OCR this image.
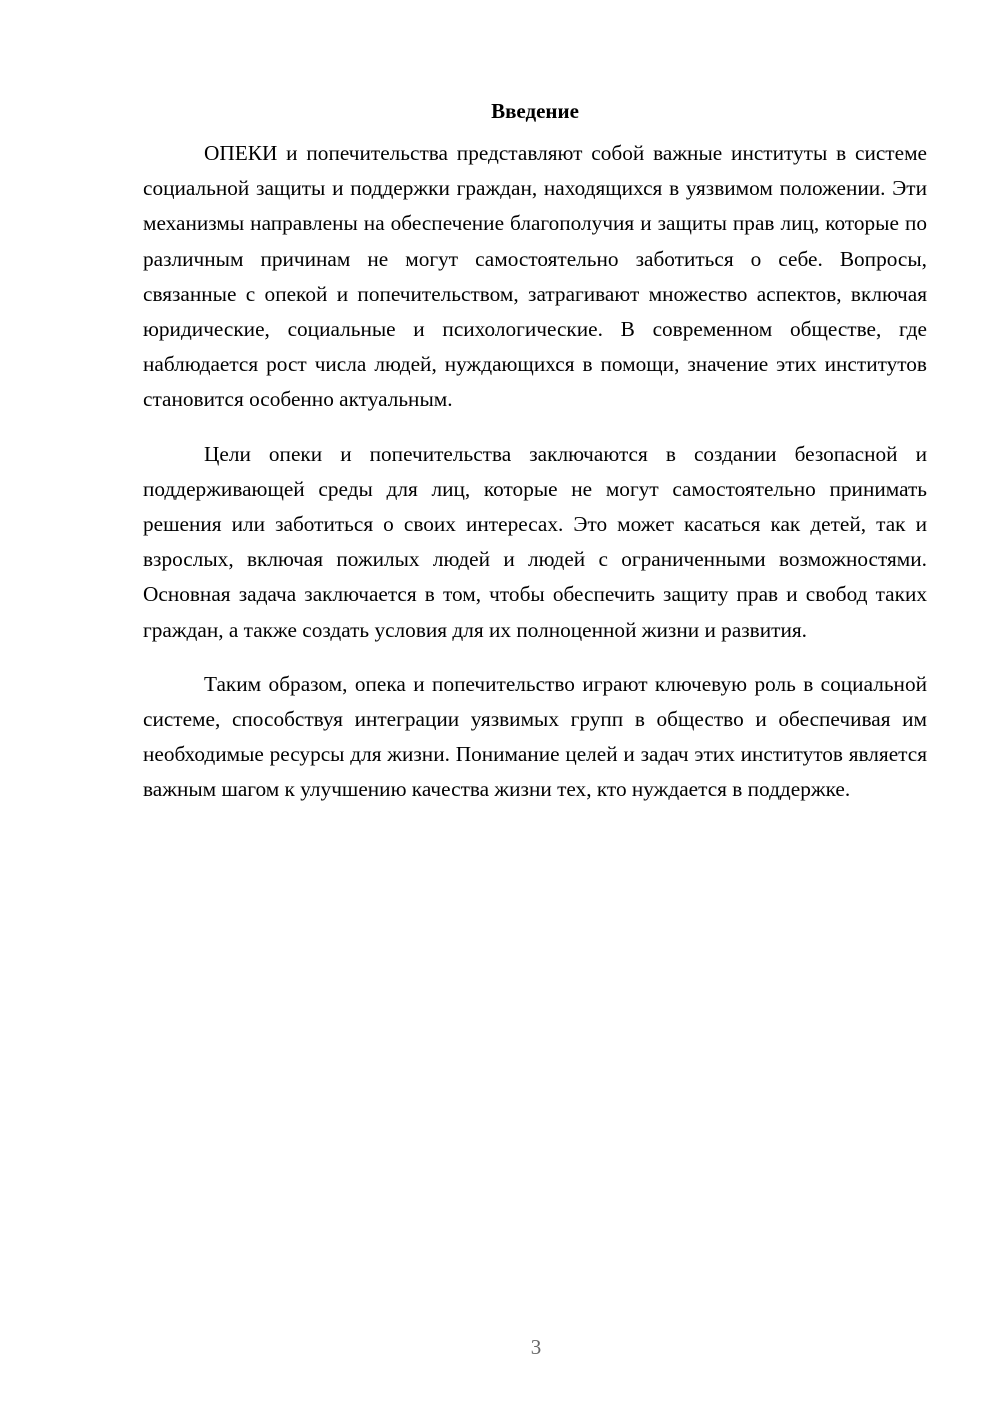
Введение

ОПЕКИ и попечительства представляют собой важные институты в системе социальной защиты и поддержки граждан, находящихся в уязвимом положении. Эти механизмы направлены на обеспечение благополучия и защиты прав лиц, которые по различным причинам не могут самостоятельно заботиться о себе. Вопросы, связанные с опекой и попечительством, затрагивают множество аспектов, включая юридические, социальные и психологические. В современном обществе, где наблюдается рост числа людей, нуждающихся в помощи, значение этих институтов становится особенно актуальным.

Цели опеки и попечительства заключаются в создании безопасной и поддерживающей среды для лиц, которые не могут самостоятельно принимать решения или заботиться о своих интересах. Это может касаться как детей, так и взрослых, включая пожилых людей и людей с ограниченными возможностями. Основная задача заключается в том, чтобы обеспечить защиту прав и свобод таких граждан, а также создать условия для их полноценной жизни и развития.

Таким образом, опека и попечительство играют ключевую роль в социальной системе, способствуя интеграции уязвимых групп в общество и обеспечивая им необходимые ресурсы для жизни. Понимание целей и задач этих институтов является важным шагом к улучшению качества жизни тех, кто нуждается в поддержке.

3
